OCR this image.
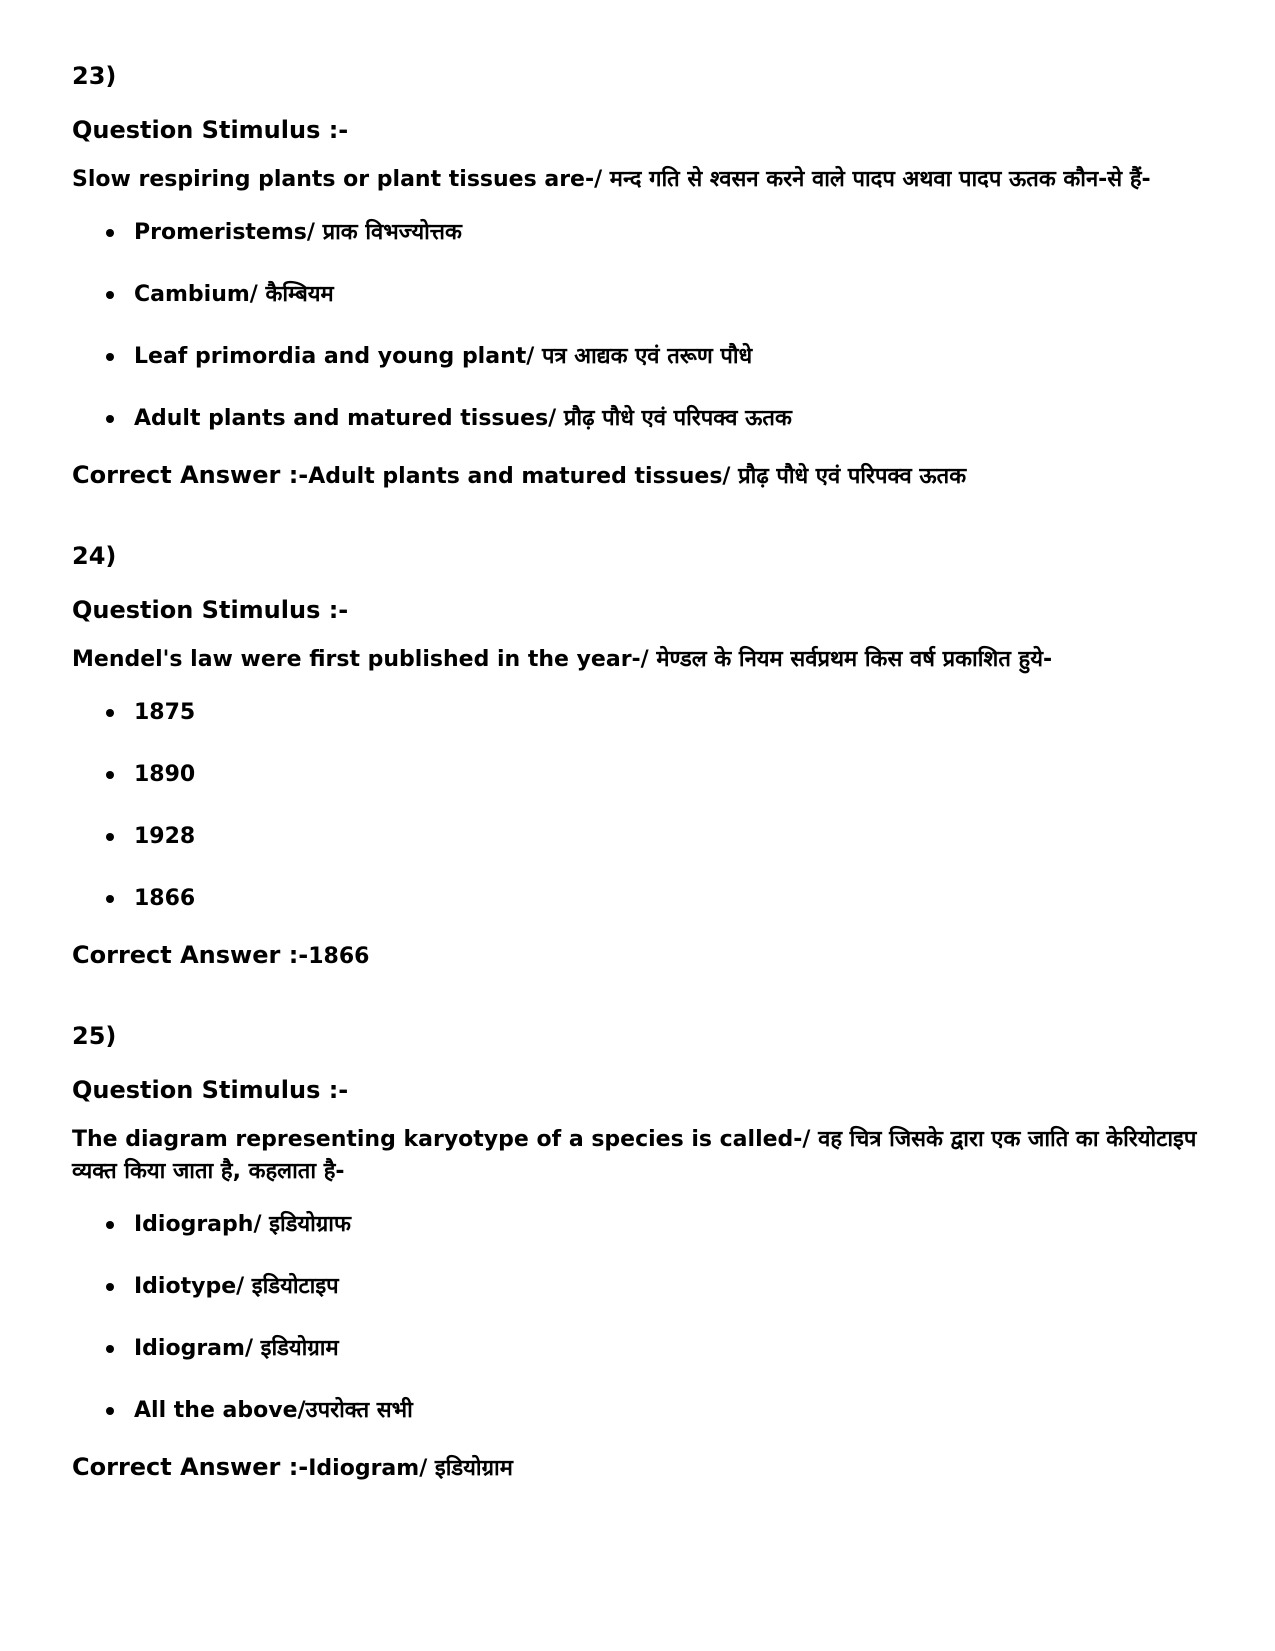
23)
Question Stimulus :-
Slow respiring plants or plant tissues are-/ मन्द गति से श्वसन करने वाले पादप अथवा पादप ऊतक कौन-से हैं-
Promeristems/ प्राक विभज्योत्तक
Cambium/ कैम्बियम
Leaf primordia and young plant/ पत्र आद्यक एवं तरूण पौधे
Adult plants and matured tissues/ प्रौढ़ पौधे एवं परिपक्व ऊतक
Correct Answer :-Adult plants and matured tissues/ प्रौढ़ पौधे एवं परिपक्व ऊतक
24)
Question Stimulus :-
Mendel's law were first published in the year-/ मेण्डल के नियम सर्वप्रथम किस वर्ष प्रकाशित हुये-
1875
1890
1928
1866
Correct Answer :-1866
25)
Question Stimulus :-
The diagram representing karyotype of a species is called-/ वह चित्र जिसके द्वारा एक जाति का केरियोटाइप व्यक्त किया जाता है, कहलाता है-
Idiograph/ इडियोग्राफ
Idiotype/ इडियोटाइप
Idiogram/ इडियोग्राम
All the above/उपरोक्त सभी
Correct Answer :-Idiogram/ इडियोग्राम
